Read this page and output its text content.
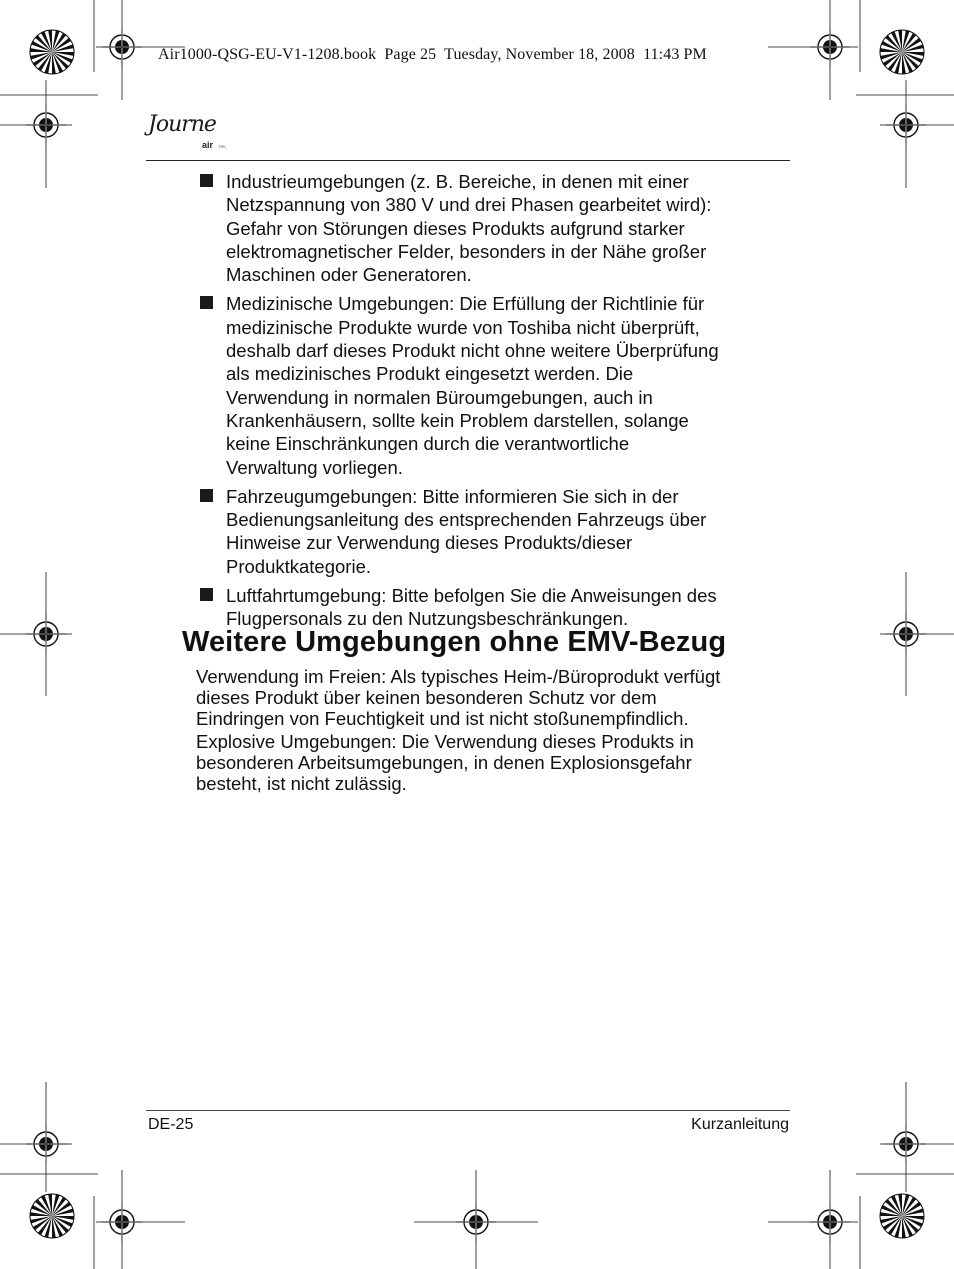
Air1000-QSG-EU-V1-1208.book  Page 25  Tuesday, November 18, 2008  11:43 PM
Journe
air TRK
Industrieumgebungen (z. B. Bereiche, in denen mit einer
Netzspannung von 380 V und drei Phasen gearbeitet wird):
Gefahr von Störungen dieses Produkts aufgrund starker
elektromagnetischer Felder, besonders in der Nähe großer
Maschinen oder Generatoren.
Medizinische Umgebungen: Die Erfüllung der Richtlinie für
medizinische Produkte wurde von Toshiba nicht überprüft,
deshalb darf dieses Produkt nicht ohne weitere Überprüfung
als medizinisches Produkt eingesetzt werden. Die
Verwendung in normalen Büroumgebungen, auch in
Krankenhäusern, sollte kein Problem darstellen, solange
keine Einschränkungen durch die verantwortliche
Verwaltung vorliegen.
Fahrzeugumgebungen: Bitte informieren Sie sich in der
Bedienungsanleitung des entsprechenden Fahrzeugs über
Hinweise zur Verwendung dieses Produkts/dieser
Produktkategorie.
Luftfahrtumgebung: Bitte befolgen Sie die Anweisungen des
Flugpersonals zu den Nutzungsbeschränkungen.
Weitere Umgebungen ohne EMV-Bezug

Verwendung im Freien: Als typisches Heim-/Büroprodukt verfügt
dieses Produkt über keinen besonderen Schutz vor dem
Eindringen von Feuchtigkeit und ist nicht stoßunempfindlich.

Explosive Umgebungen: Die Verwendung dieses Produkts in
besonderen Arbeitsumgebungen, in denen Explosionsgefahr
besteht, ist nicht zulässig.

DE-25	Kurzanleitung
